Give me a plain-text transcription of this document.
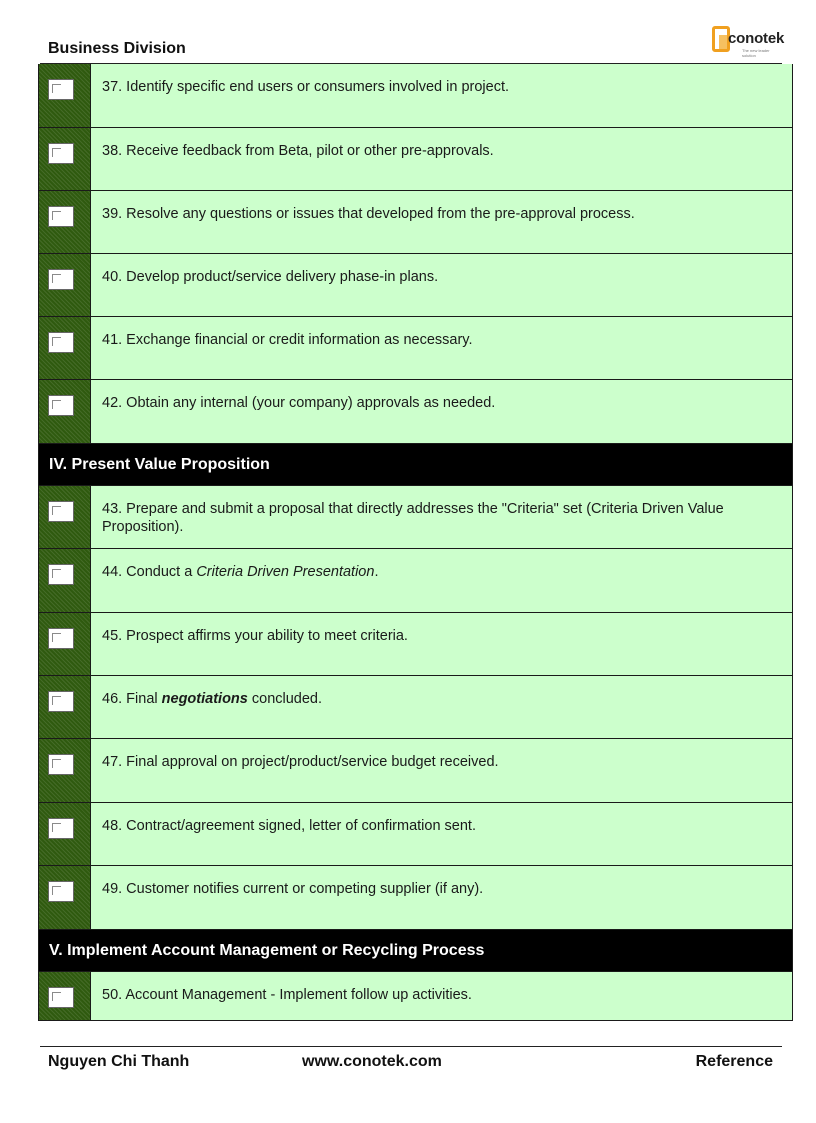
Business Division
conotek
The new leader solution
37. Identify specific end users or consumers involved in project.
38. Receive feedback from Beta, pilot or other pre-approvals.
39. Resolve any questions or issues that developed from the pre-approval process.
40. Develop product/service delivery phase-in plans.
41. Exchange financial or credit information as necessary.
42. Obtain any internal (your company) approvals as needed.
IV. Present Value Proposition
43. Prepare and submit a proposal that directly addresses the "Criteria" set (Criteria Driven Value Proposition).
44. Conduct a Criteria Driven Presentation.
45. Prospect affirms your ability to meet criteria.
46. Final negotiations concluded.
47. Final approval on project/product/service budget received.
48. Contract/agreement signed, letter of confirmation sent.
49. Customer notifies current or competing supplier (if any).
V. Implement Account Management or Recycling Process
50. Account Management - Implement follow up activities.
Nguyen Chi Thanh	www.conotek.com	Reference
